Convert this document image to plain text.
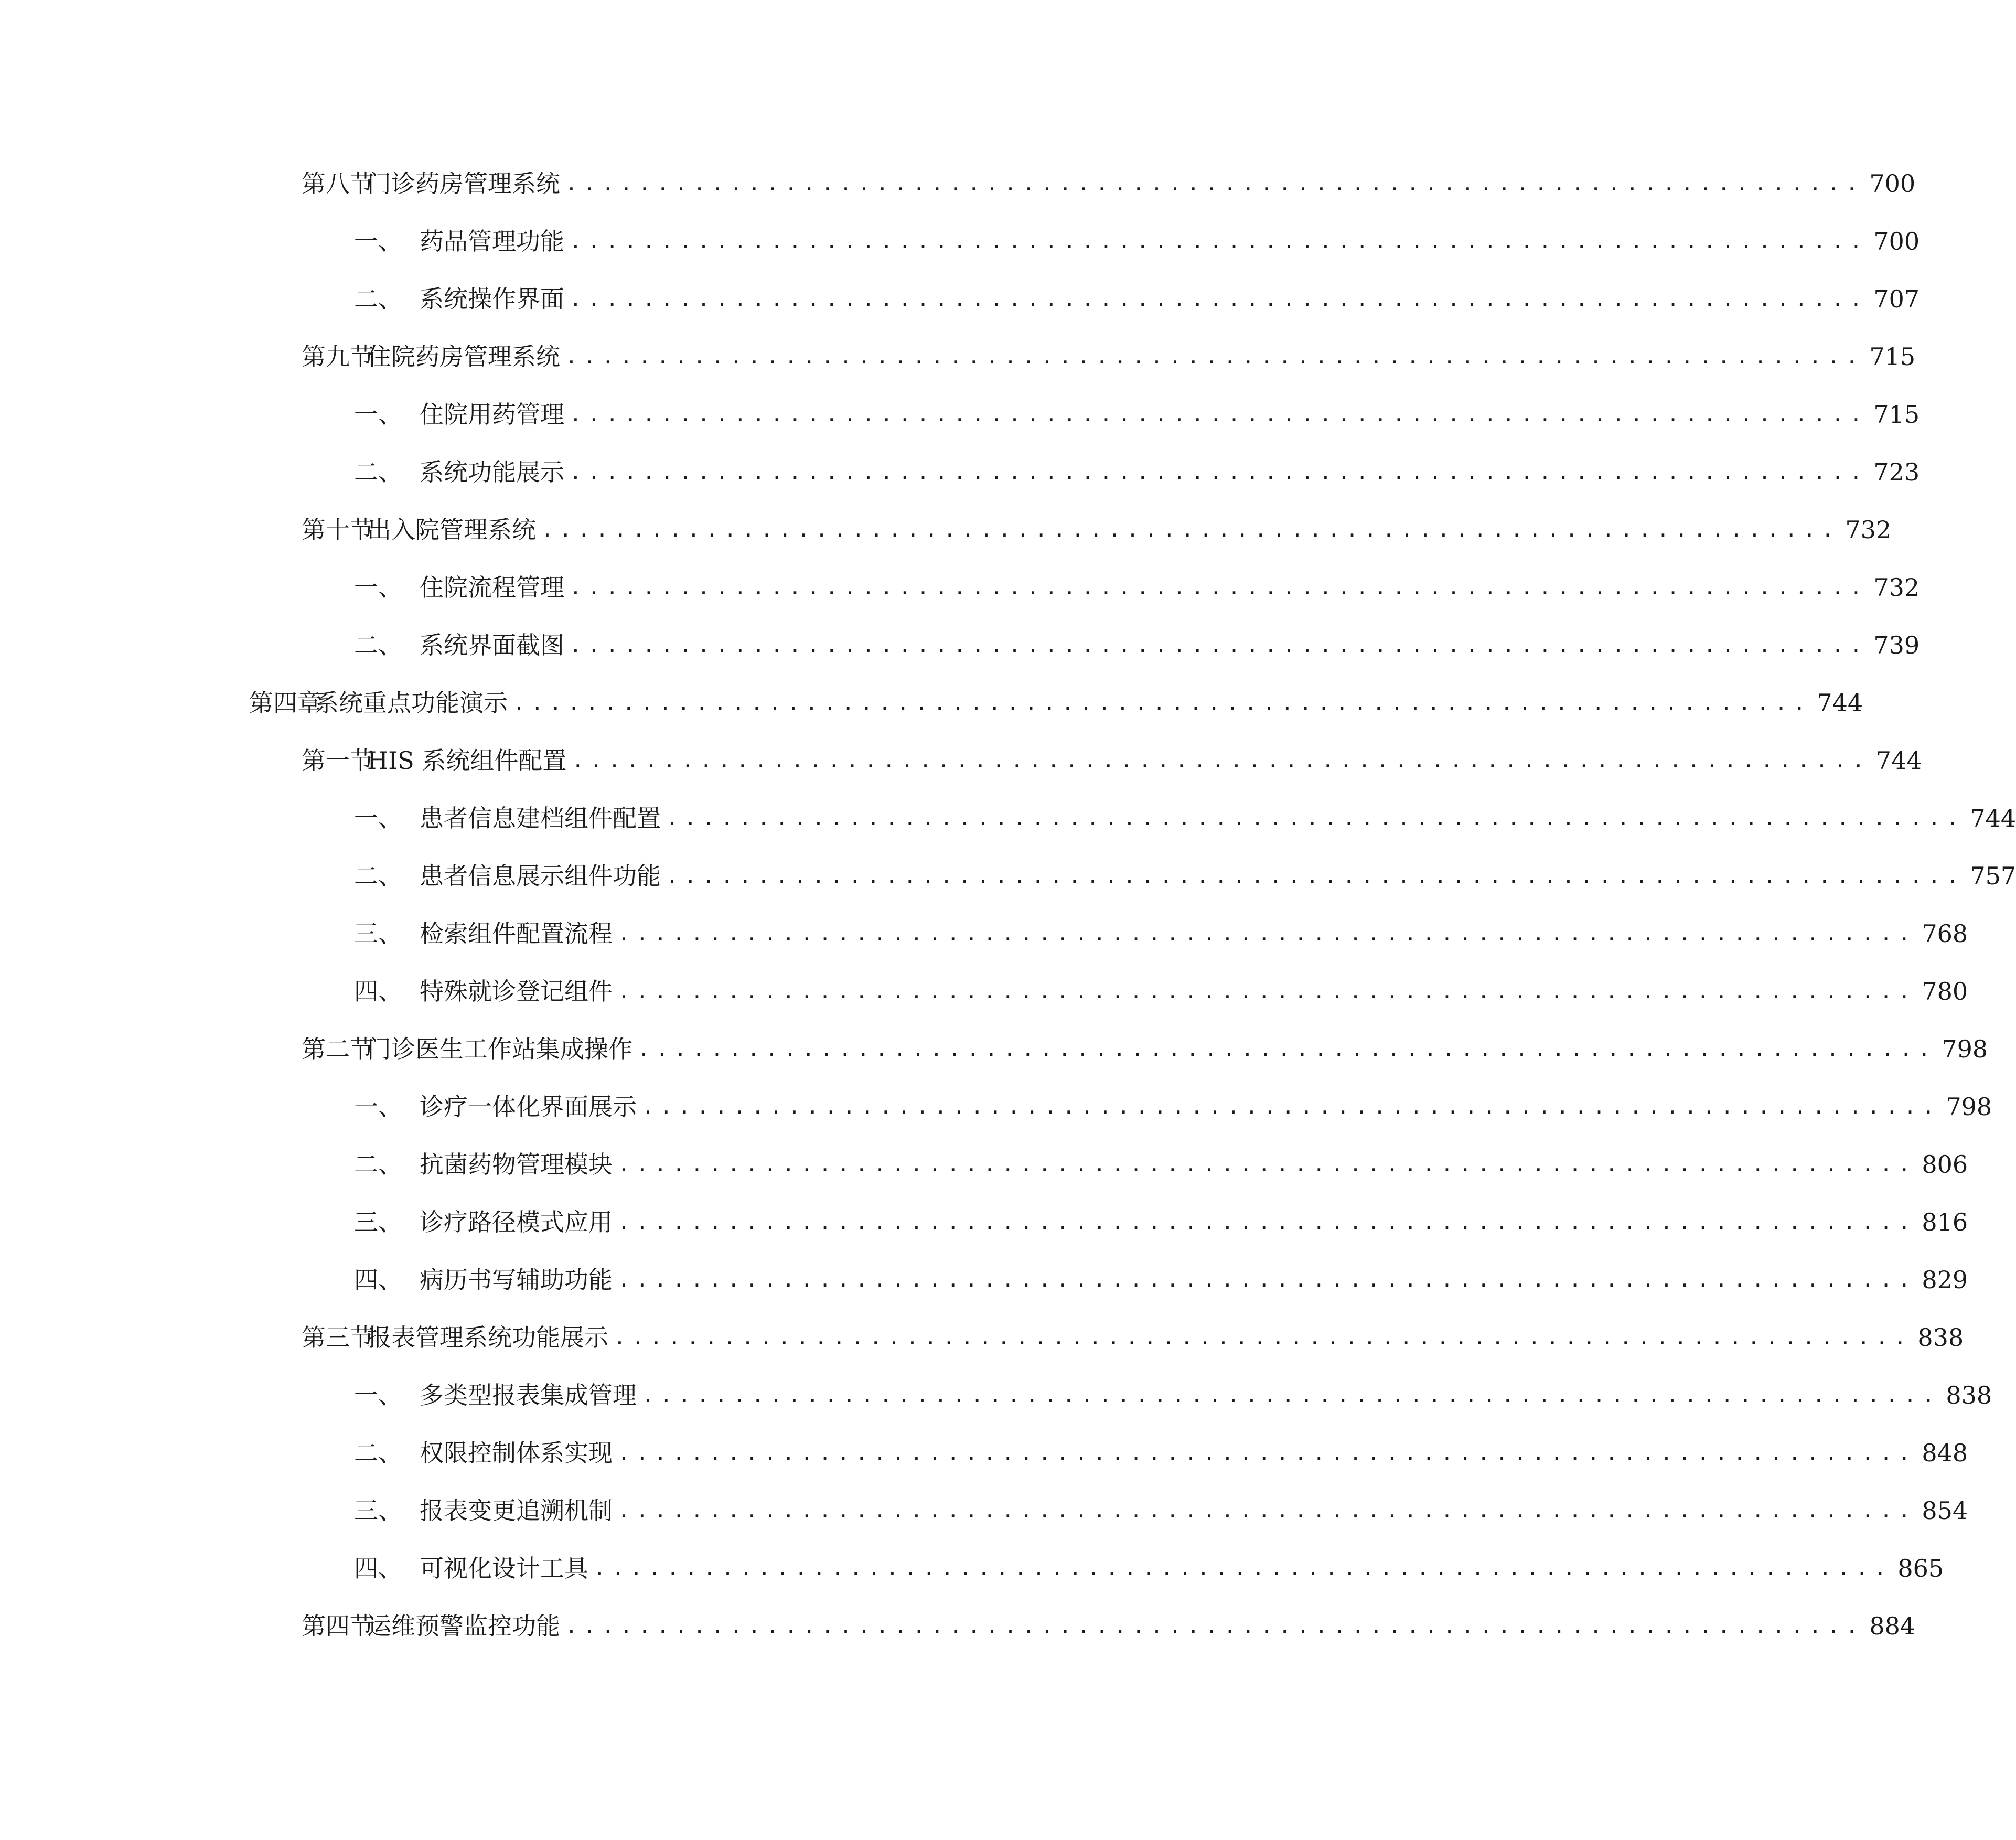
第八节
门诊药房管理系统 ....................................................................... 700
一、 药品管理功能 ....................................................................... 700
二、 系统操作界面 ....................................................................... 707
第九节
住院药房管理系统 ....................................................................... 715
一、 住院用药管理 ....................................................................... 715
二、 系统功能展示 ....................................................................... 723
第十节
出入院管理系统 ....................................................................... 732
一、 住院流程管理 ....................................................................... 732
二、 系统界面截图 ....................................................................... 739
第四章
系统重点功能演示 ....................................................................... 744
第一节
HIS 系统组件配置 ....................................................................... 744
一、 患者信息建档组件配置 ....................................................................... 744
二、 患者信息展示组件功能 ....................................................................... 757
三、 检索组件配置流程 ....................................................................... 768
四、 特殊就诊登记组件 ....................................................................... 780
第二节
门诊医生工作站集成操作 ....................................................................... 798
一、 诊疗一体化界面展示 ....................................................................... 798
二、 抗菌药物管理模块 ....................................................................... 806
三、 诊疗路径模式应用 ....................................................................... 816
四、 病历书写辅助功能 ....................................................................... 829
第三节
报表管理系统功能展示 ....................................................................... 838
一、 多类型报表集成管理 ....................................................................... 838
二、 权限控制体系实现 ....................................................................... 848
三、 报表变更追溯机制 ....................................................................... 854
四、 可视化设计工具 ....................................................................... 865
第四节
运维预警监控功能 ....................................................................... 884
